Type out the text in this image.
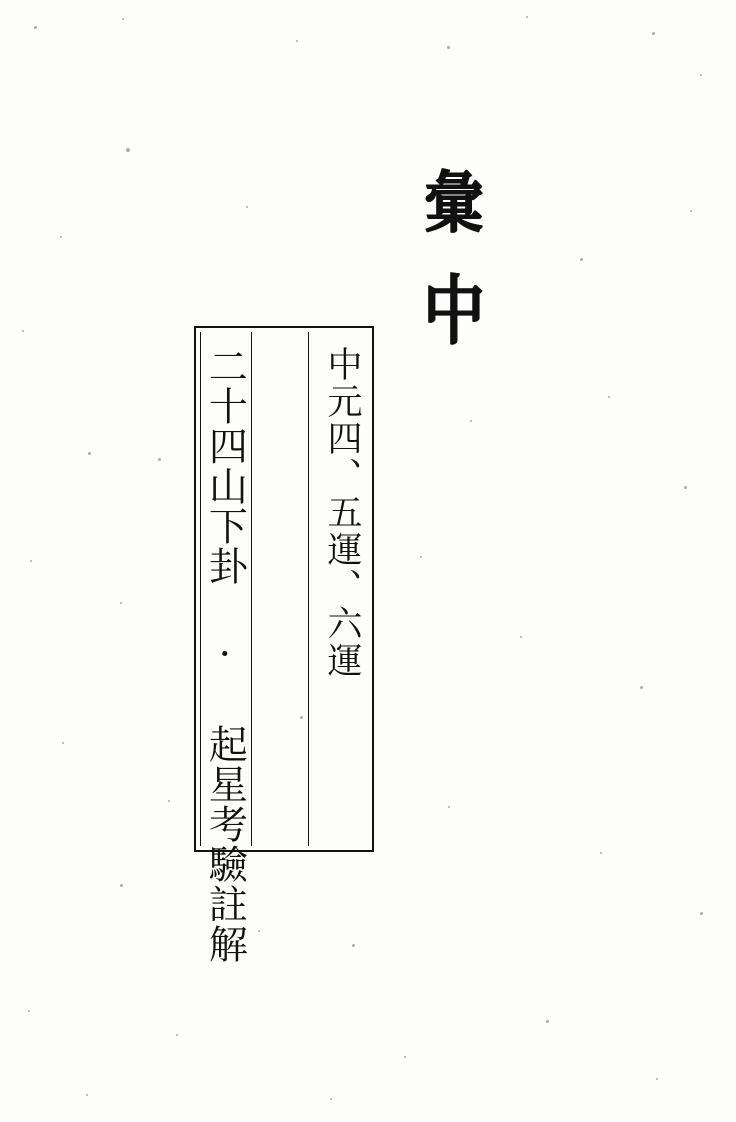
彙
中
中元四、五運、六運
二十四山下卦 · 起星考驗註解
